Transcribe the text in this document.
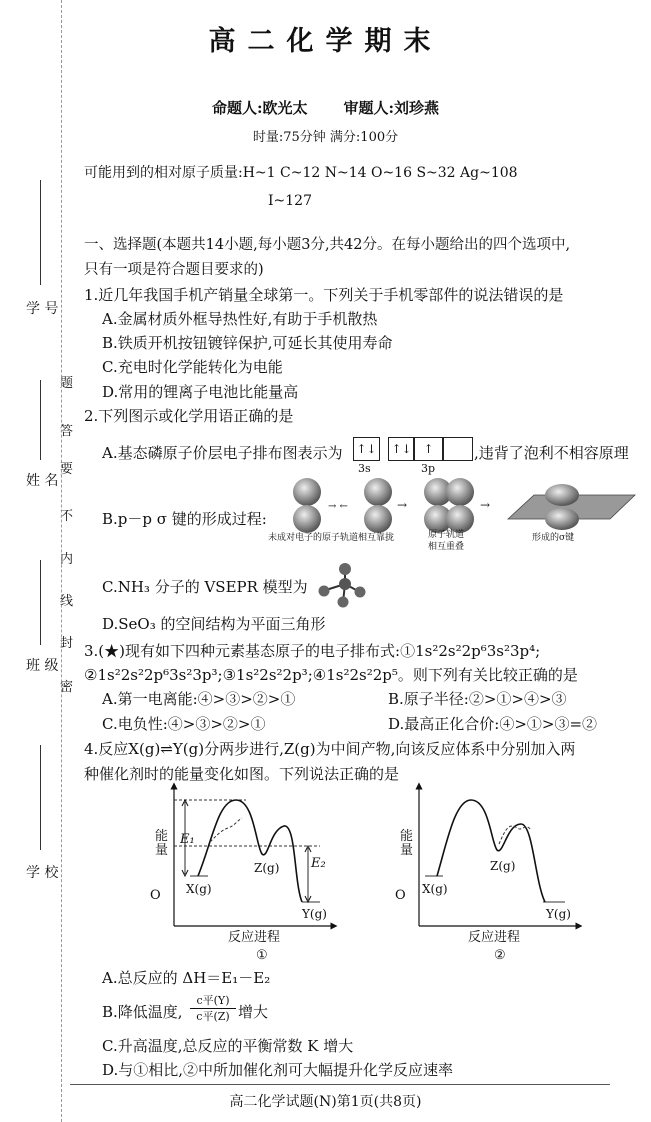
学 号
姓 名
班 级
学 校
题
答
要
不
内
线
封
密
高二化学期末
命题人:欧光太 审题人:刘珍燕
时量:75分钟 满分:100分
可能用到的相对原子质量:H~1 C~12 N~14 O~16 S~32 Ag~108
I~127
一、选择题(本题共14小题,每小题3分,共42分。在每小题给出的四个选项中,
只有一项是符合题目要求的)
1.近几年我国手机产销量全球第一。下列关于手机零部件的说法错误的是
A.金属材质外框导热性好,有助于手机散热
B.铁质开机按钮镀锌保护,可延长其使用寿命
C.充电时化学能转化为电能
D.常用的锂离子电池比能量高
2.下列图示或化学用语正确的是
A.基态磷原子价层电子排布图表示为 ↑↓ ↑↓ ↑
3s	3p
,违背了泡利不相容原理
B.p－p σ 键的形成过程:
→ ←	→	→
未成对电子的原子轨道相互靠拢	原子轨道
相互重叠
形成的σ键
C.NH₃ 分子的 VSEPR 模型为
D.SeO₃ 的空间结构为平面三角形
3.(★)现有如下四种元素基态原子的电子排布式:①1s²2s²2p⁶3s²3p⁴;
②1s²2s²2p⁶3s²3p³;③1s²2s²2p³;④1s²2s²2p⁵。则下列有关比较正确的是
A.第一电离能:④>③>②>①	B.原子半径:②>①>④>③
C.电负性:④>③>②>①	D.最高正化合价:④>①>③=②
4.反应X(g)⇌Y(g)分两步进行,Z(g)为中间产物,向该反应体系中分别加入两
种催化剂时的能量变化如图。下列说法正确的是
O
能量
X(g)
Z(g)
Y(g)
E₁
E₂
反应进程
①
O
能量
X(g)
Z(g)
Y(g)
反应进程
②
A.总反应的 ΔH＝E₁－E₂
B.降低温度,
c平(Y)
c平(Z) 增大
C.升高温度,总反应的平衡常数 K 增大
D.与①相比,②中所加催化剂可大幅提升化学反应速率
高二化学试题(N)第1页(共8页)
